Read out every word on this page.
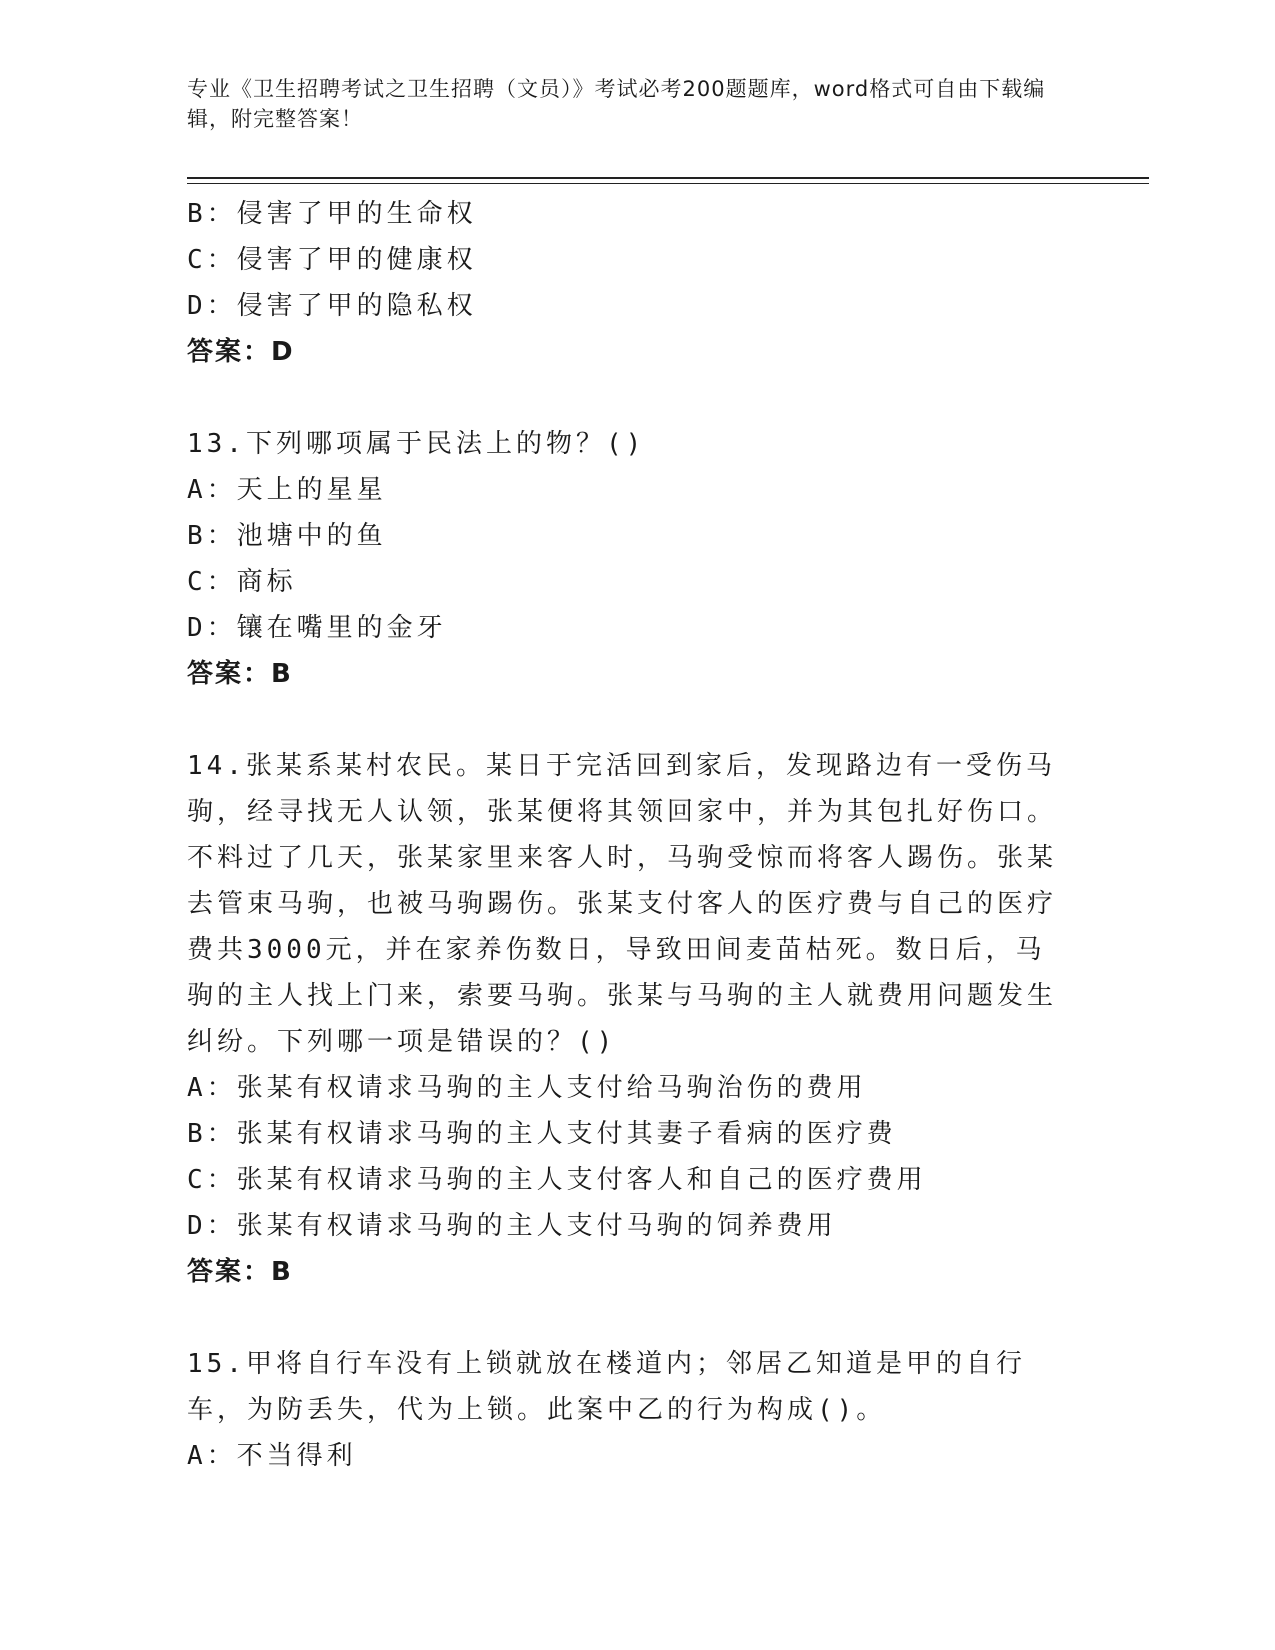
专业《卫生招聘考试之卫生招聘（文员）》考试必考200题题库，word格式可自由下载编辑，附完整答案！
B：侵害了甲的生命权
C：侵害了甲的健康权
D：侵害了甲的隐私权
答案：D
13.下列哪项属于民法上的物？()
A：天上的星星
B：池塘中的鱼
C：商标
D：镶在嘴里的金牙
答案：B
14.张某系某村农民。某日于完活回到家后，发现路边有一受伤马驹，经寻找无人认领，张某便将其领回家中，并为其包扎好伤口。不料过了几天，张某家里来客人时，马驹受惊而将客人踢伤。张某去管束马驹，也被马驹踢伤。张某支付客人的医疗费与自己的医疗费共3000元，并在家养伤数日，导致田间麦苗枯死。数日后，马驹的主人找上门来，索要马驹。张某与马驹的主人就费用问题发生纠纷。下列哪一项是错误的？()
A：张某有权请求马驹的主人支付给马驹治伤的费用
B：张某有权请求马驹的主人支付其妻子看病的医疗费
C：张某有权请求马驹的主人支付客人和自己的医疗费用
D：张某有权请求马驹的主人支付马驹的饲养费用
答案：B
15.甲将自行车没有上锁就放在楼道内；邻居乙知道是甲的自行车，为防丢失，代为上锁。此案中乙的行为构成()。
A：不当得利
